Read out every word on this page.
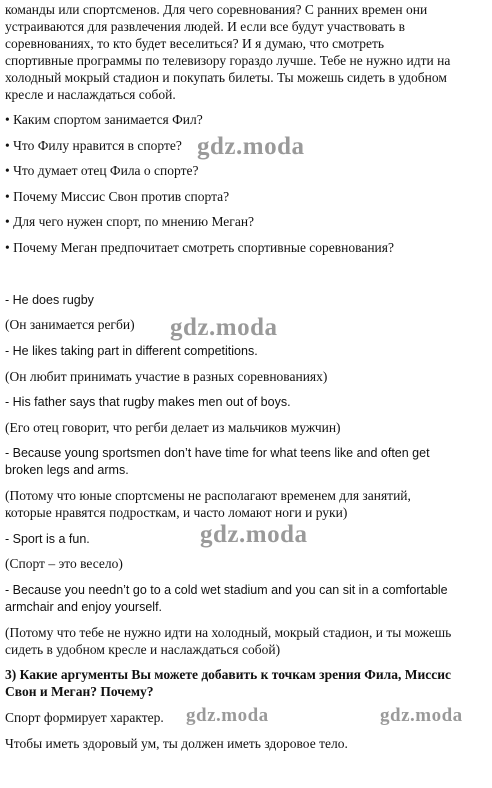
команды или спортсменов. Для чего соревнования? С ранних времен они
устраиваются для развлечения людей. И если все будут участвовать в
соревнованиях, то кто будет веселиться? И я думаю, что смотреть
спортивные программы по телевизору гораздо лучше. Тебе не нужно идти на
холодный мокрый стадион и покупать билеты. Ты можешь сидеть в удобном
кресле и наслаждаться собой.
• Каким спортом занимается Фил?
• Что Филу нравится в спорте?
• Что думает отец Фила о спорте?
• Почему Миссис Свон против спорта?
• Для чего нужен спорт, по мнению Меган?
• Почему Меган предпочитает смотреть спортивные соревнования?
- He does rugby
(Он занимается регби)
- He likes taking part in different competitions.
(Он любит принимать участие в разных соревнованиях)
- His father says that rugby makes men out of boys.
(Его отец говорит, что регби делает из мальчиков мужчин)
- Because young sportsmen don’t have time for what teens like and often get
broken legs and arms.
(Потому что юные спортсмены не располагают временем для занятий,
которые нравятся подросткам, и часто ломают ноги и руки)
- Sport is a fun.
(Спорт – это весело)
- Because you needn’t go to a cold wet stadium and you can sit in a comfortable
armchair and enjoy yourself.
(Потому что тебе не нужно идти на холодный, мокрый стадион, и ты можешь
сидеть в удобном кресле и наслаждаться собой)
3) Какие аргументы Вы можете добавить к точкам зрения Фила, Миссис
Свон и Меган? Почему?
Спорт формирует характер.
Чтобы иметь здоровый ум, ты должен иметь здоровое тело.
gdz.moda
gdz.moda
gdz.moda
gdz.moda	gdz.moda
